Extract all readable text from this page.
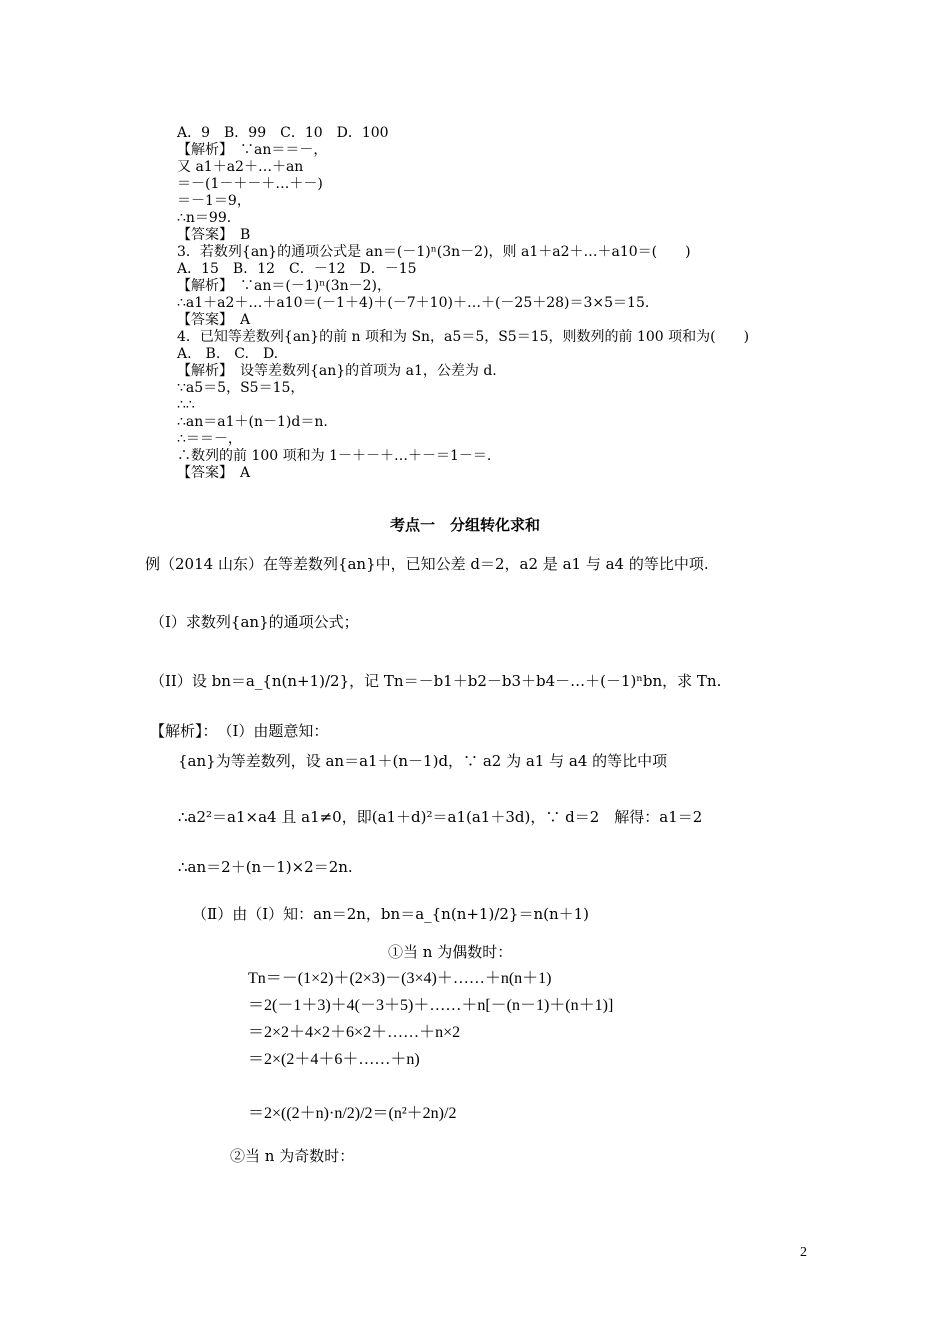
A．9　B．99　C．10　D．100
【解析】　∵an＝＝－，
又 a1＋a2＋…＋an
＝－(1－＋－＋…＋－)
＝－1＝9，
∴n＝99.
【答案】　B
3．若数列{an}的通项公式是 an＝(－1)ⁿ(3n－2)，则 a1＋a2＋…＋a10＝(　　)
A．15　B．12　C．－12　D．－15
【解析】　∵an＝(－1)ⁿ(3n－2)，
∴a1＋a2＋…＋a10＝(－1＋4)＋(－7＋10)＋…＋(－25＋28)＝3×5＝15.
【答案】　A
4．已知等差数列{an}的前 n 项和为 Sn，a5＝5，S5＝15，则数列的前 100 项和为(　　)
A.　B.　C.　D.
【解析】　设等差数列{an}的首项为 a1，公差为 d.
∵a5＝5，S5＝15，
∴∴
∴an＝a1＋(n－1)d＝n.
∴＝＝－，
∴数列的前 100 项和为 1－＋－＋…＋－＝1－＝.
【答案】　A
考点一　分组转化求和
例（2014 山东）在等差数列{an}中，已知公差 d＝2，a2 是 a1 与 a4 的等比中项.
（Ⅰ）求数列{an}的通项公式；
（II）设 bn＝a_{n(n+1)/2}，记 Tn＝－b1＋b2－b3＋b4－…＋(－1)ⁿbn，求 Tn.
【解析】：　（Ⅰ）由题意知：
{an}为等差数列，设 an＝a1＋(n－1)d，∵ a2 为 a1 与 a4 的等比中项
∴a2²＝a1×a4 且 a1≠0，即(a1＋d)²＝a1(a1＋3d)，∵ d＝2　解得：a1＝2
∴an＝2＋(n－1)×2＝2n.
（Ⅱ）由（Ⅰ）知：an＝2n，bn＝a_{n(n+1)/2}＝n(n＋1)
①当 n 为偶数时：
Tn＝－(1×2)＋(2×3)－(3×4)＋……＋n(n＋1)
＝2(－1＋3)＋4(－3＋5)＋……＋n[－(n－1)＋(n＋1)]
＝2×2＋4×2＋6×2＋……＋n×2
＝2×(2＋4＋6＋……＋n)
＝2×((2＋n)·n/2)/2＝(n²＋2n)/2
②当 n 为奇数时：
2
